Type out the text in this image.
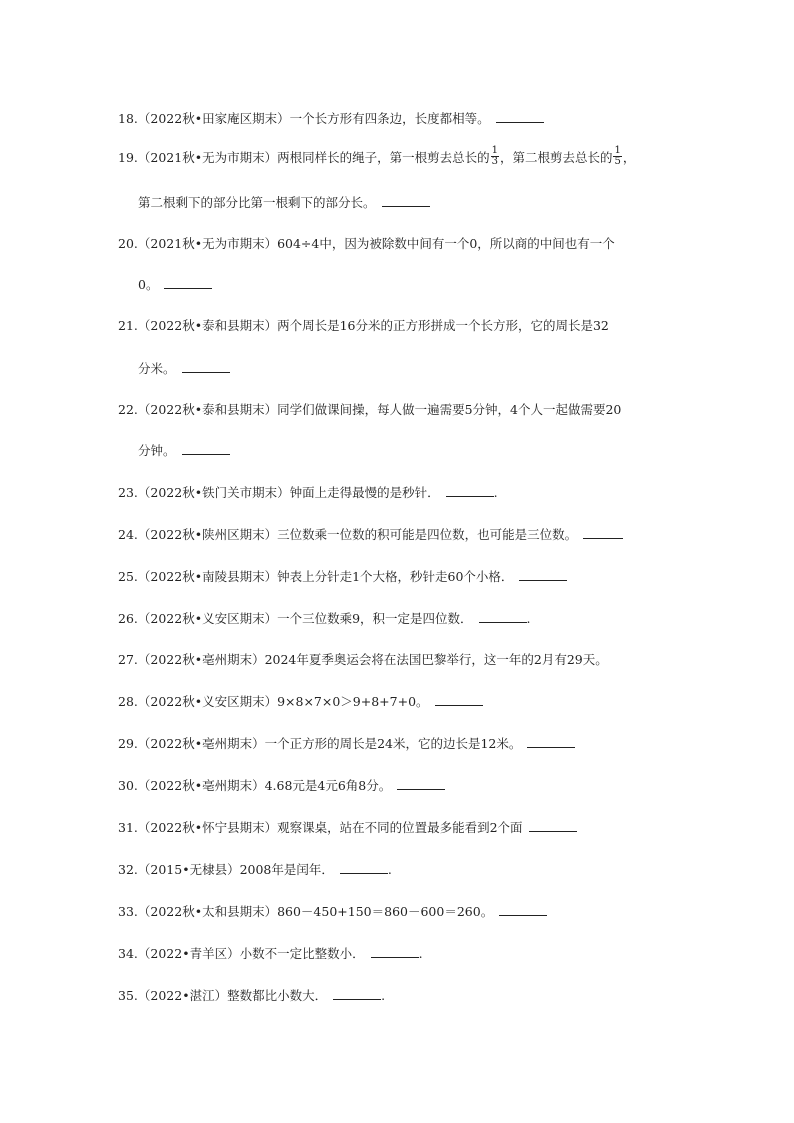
18.（2022秋•田家庵区期末）一个长方形有四条边，长度都相等。
19.（2021秋•无为市期末）两根同样长的绳子，第一根剪去总长的 $\frac{1}{3}$ ，第二根剪去总长的 $\frac{1}{5}$ ，
第二根剩下的部分比第一根剩下的部分长。
20.（2021秋•无为市期末）604÷4中，因为被除数中间有一个0，所以商的中间也有一个
0。
21.（2022秋•泰和县期末）两个周长是16分米的正方形拼成一个长方形，它的周长是32
分米。
22.（2022秋•泰和县期末）同学们做课间操，每人做一遍需要5分钟，4个人一起做需要20
分钟。
23.（2022秋•铁门关市期末）钟面上走得最慢的是秒针．	.
24.（2022秋•陕州区期末）三位数乘一位数的积可能是四位数，也可能是三位数。
25.（2022秋•南陵县期末）钟表上分针走1个大格，秒针走60个小格．
26.（2022秋•义安区期末）一个三位数乘9，积一定是四位数．	.
27.（2022秋•亳州期末）2024年夏季奥运会将在法国巴黎举行，这一年的2月有29天。
28.（2022秋•义安区期末）9×8×7×0＞9+8+7+0。
29.（2022秋•亳州期末）一个正方形的周长是24米，它的边长是12米。
30.（2022秋•亳州期末）4.68元是4元6角8分。
31.（2022秋•怀宁县期末）观察课桌，站在不同的位置最多能看到2个面
32.（2015•无棣县）2008年是闰年．	.
33.（2022秋•太和县期末）860－450+150＝860－600＝260。
34.（2022•青羊区）小数不一定比整数小．	.
35.（2022•湛江）整数都比小数大．	.
